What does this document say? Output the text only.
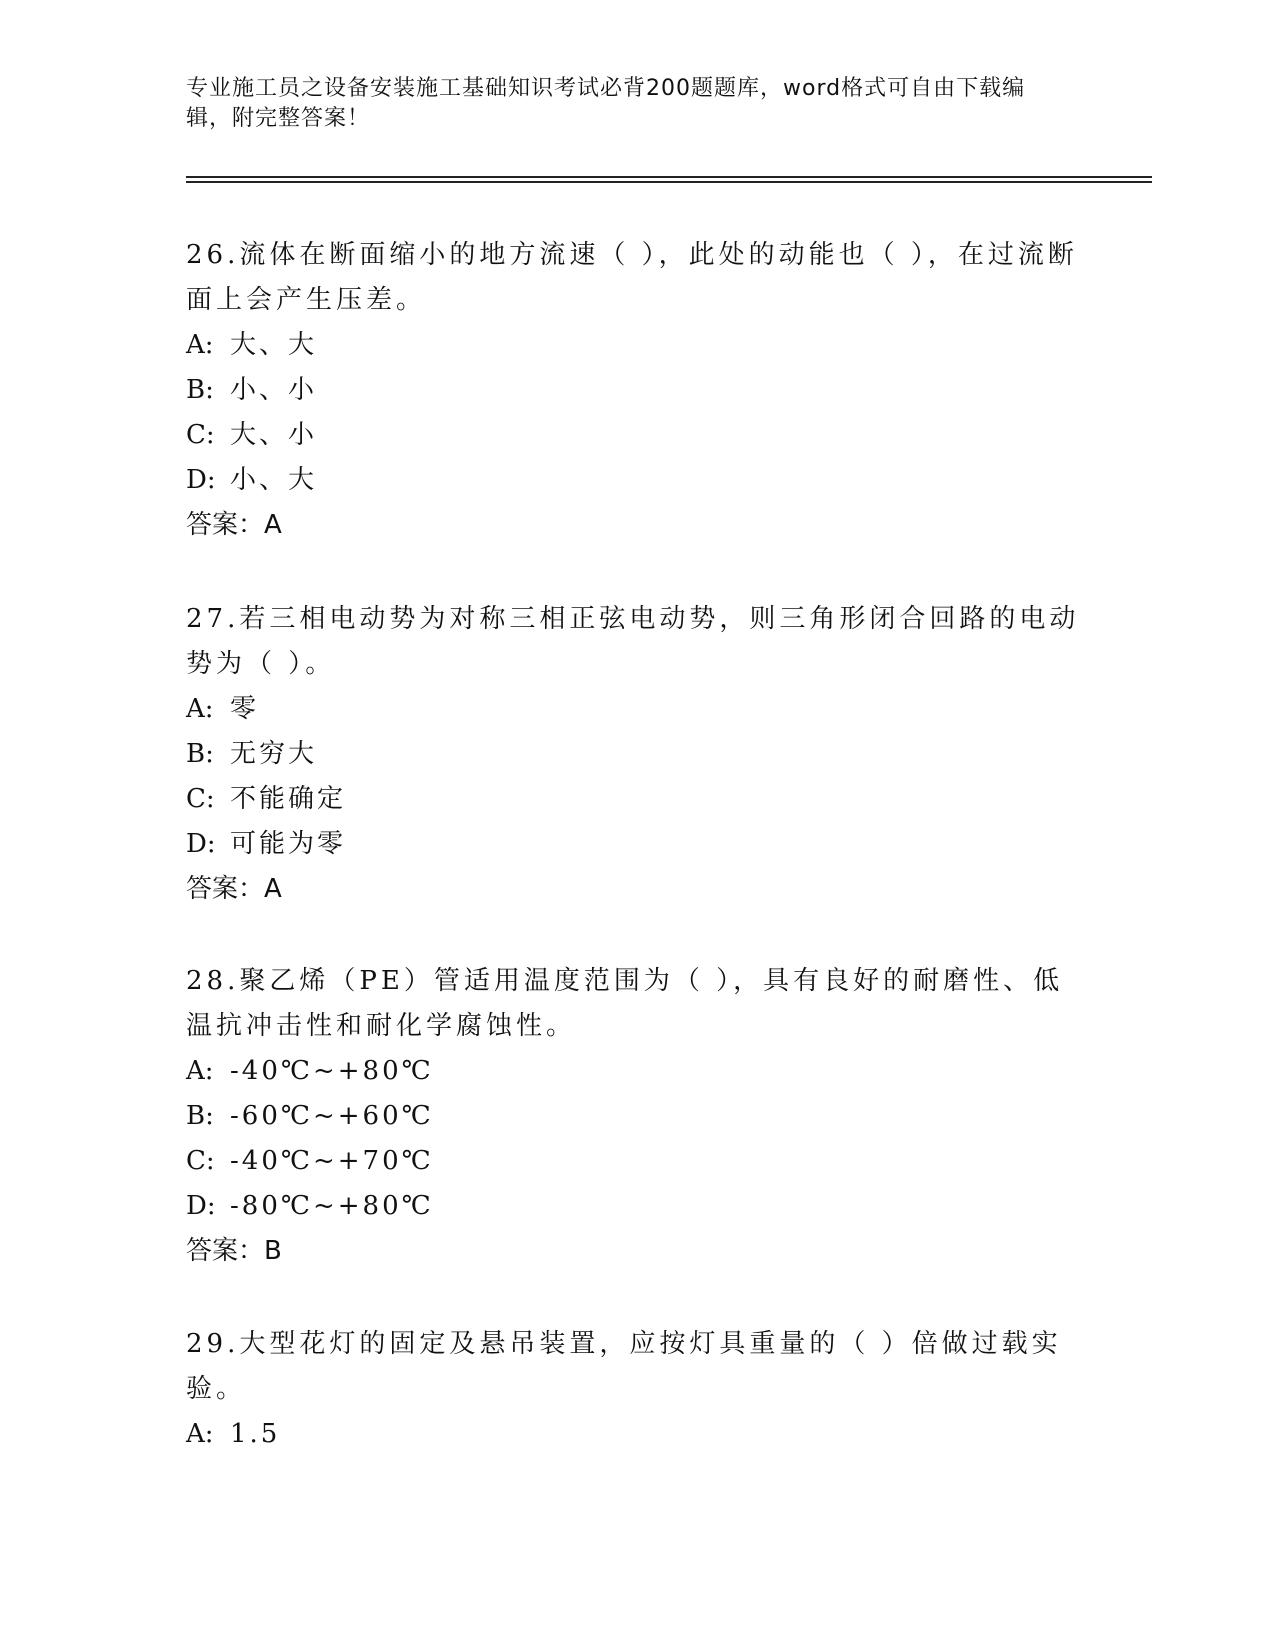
专业施工员之设备安装施工基础知识考试必背200题题库，word格式可自由下载编辑，附完整答案！

26.流体在断面缩小的地方流速（ ），此处的动能也（ ），在过流断面上会产生压差。

A: 大、大

B: 小、小

C: 大、小

D: 小、大

答案：A

27.若三相电动势为对称三相正弦电动势，则三角形闭合回路的电动势为（ ）。

A: 零

B: 无穷大

C: 不能确定

D: 可能为零

答案：A

28.聚乙烯（PE）管适用温度范围为（ ），具有良好的耐磨性、低温抗冲击性和耐化学腐蚀性。

A: -40℃~+80℃

B: -60℃~+60℃

C: -40℃~+70℃

D: -80℃~+80℃

答案：B

29.大型花灯的固定及悬吊装置，应按灯具重量的（ ）倍做过载实验。

A: 1.5
